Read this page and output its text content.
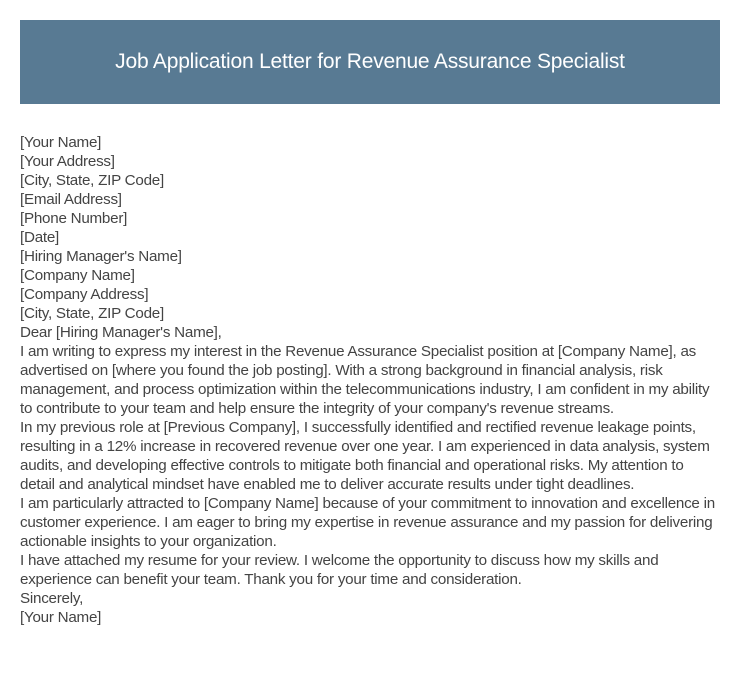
Job Application Letter for Revenue Assurance Specialist

[Your Name]

[Your Address]

[City, State, ZIP Code]

[Email Address]

[Phone Number]

[Date]

[Hiring Manager's Name]

[Company Name]

[Company Address]

[City, State, ZIP Code]

Dear [Hiring Manager's Name],

I am writing to express my interest in the Revenue Assurance Specialist position at [Company Name], as advertised on [where you found the job posting]. With a strong background in financial analysis, risk management, and process optimization within the telecommunications industry, I am confident in my ability to contribute to your team and help ensure the integrity of your company's revenue streams.

In my previous role at [Previous Company], I successfully identified and rectified revenue leakage points, resulting in a 12% increase in recovered revenue over one year. I am experienced in data analysis, system audits, and developing effective controls to mitigate both financial and operational risks. My attention to detail and analytical mindset have enabled me to deliver accurate results under tight deadlines.

I am particularly attracted to [Company Name] because of your commitment to innovation and excellence in customer experience. I am eager to bring my expertise in revenue assurance and my passion for delivering actionable insights to your organization.

I have attached my resume for your review. I welcome the opportunity to discuss how my skills and experience can benefit your team. Thank you for your time and consideration.

Sincerely,

[Your Name]
